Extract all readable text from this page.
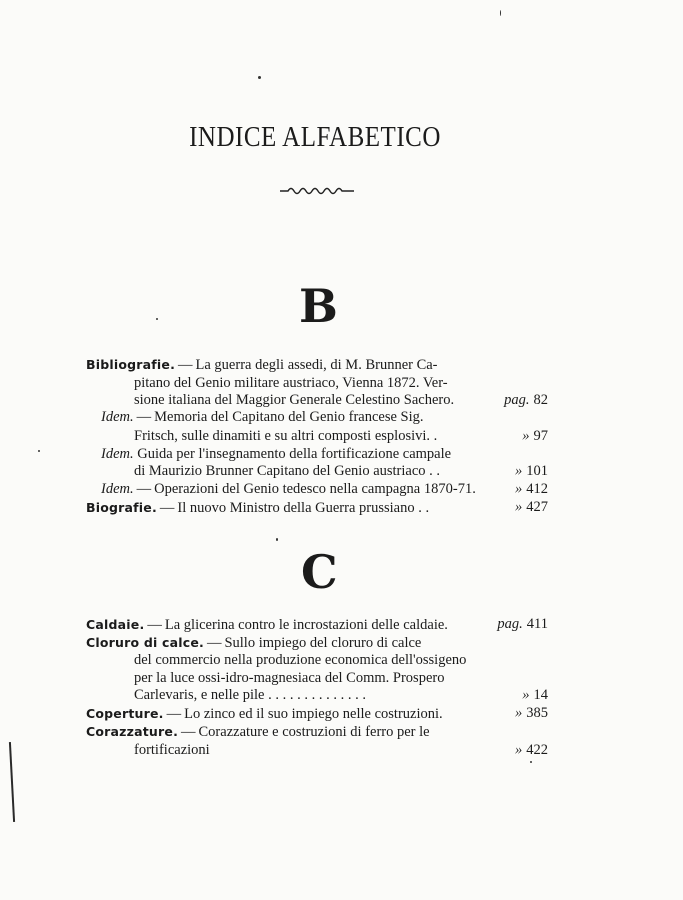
INDICE ALFABETICO
B
Bibliografie. — La guerra degli assedi, di M. Brunner Ca-
pitano del Genio militare austriaco, Vienna 1872. Ver-
sione italiana del Maggior Generale Celestino Sachero.	pag. 82
Idem. — Memoria del Capitano del Genio francese Sig.
Fritsch, sulle dinamiti e su altri composti esplosivi. .	» 97
Idem. Guida per l'insegnamento della fortificazione campale
di Maurizio Brunner Capitano del Genio austriaco . .	» 101
Idem. — Operazioni del Genio tedesco nella campagna 1870-71.	» 412
Biografie. — Il nuovo Ministro della Guerra prussiano . .	» 427
C
Caldaie. — La glicerina contro le incrostazioni delle caldaie.	pag. 411
Cloruro di calce. — Sullo impiego del cloruro di calce
del commercio nella produzione economica dell'ossigeno
per la luce ossi-idro-magnesiaca del Comm. Prospero
Carlevaris, e nelle pile . . . . . . . . . . . . . .	» 14
Coperture. — Lo zinco ed il suo impiego nelle costruzioni.	» 385
Corazzature. — Corazzature e costruzioni di ferro per le
fortificazioni	» 422
